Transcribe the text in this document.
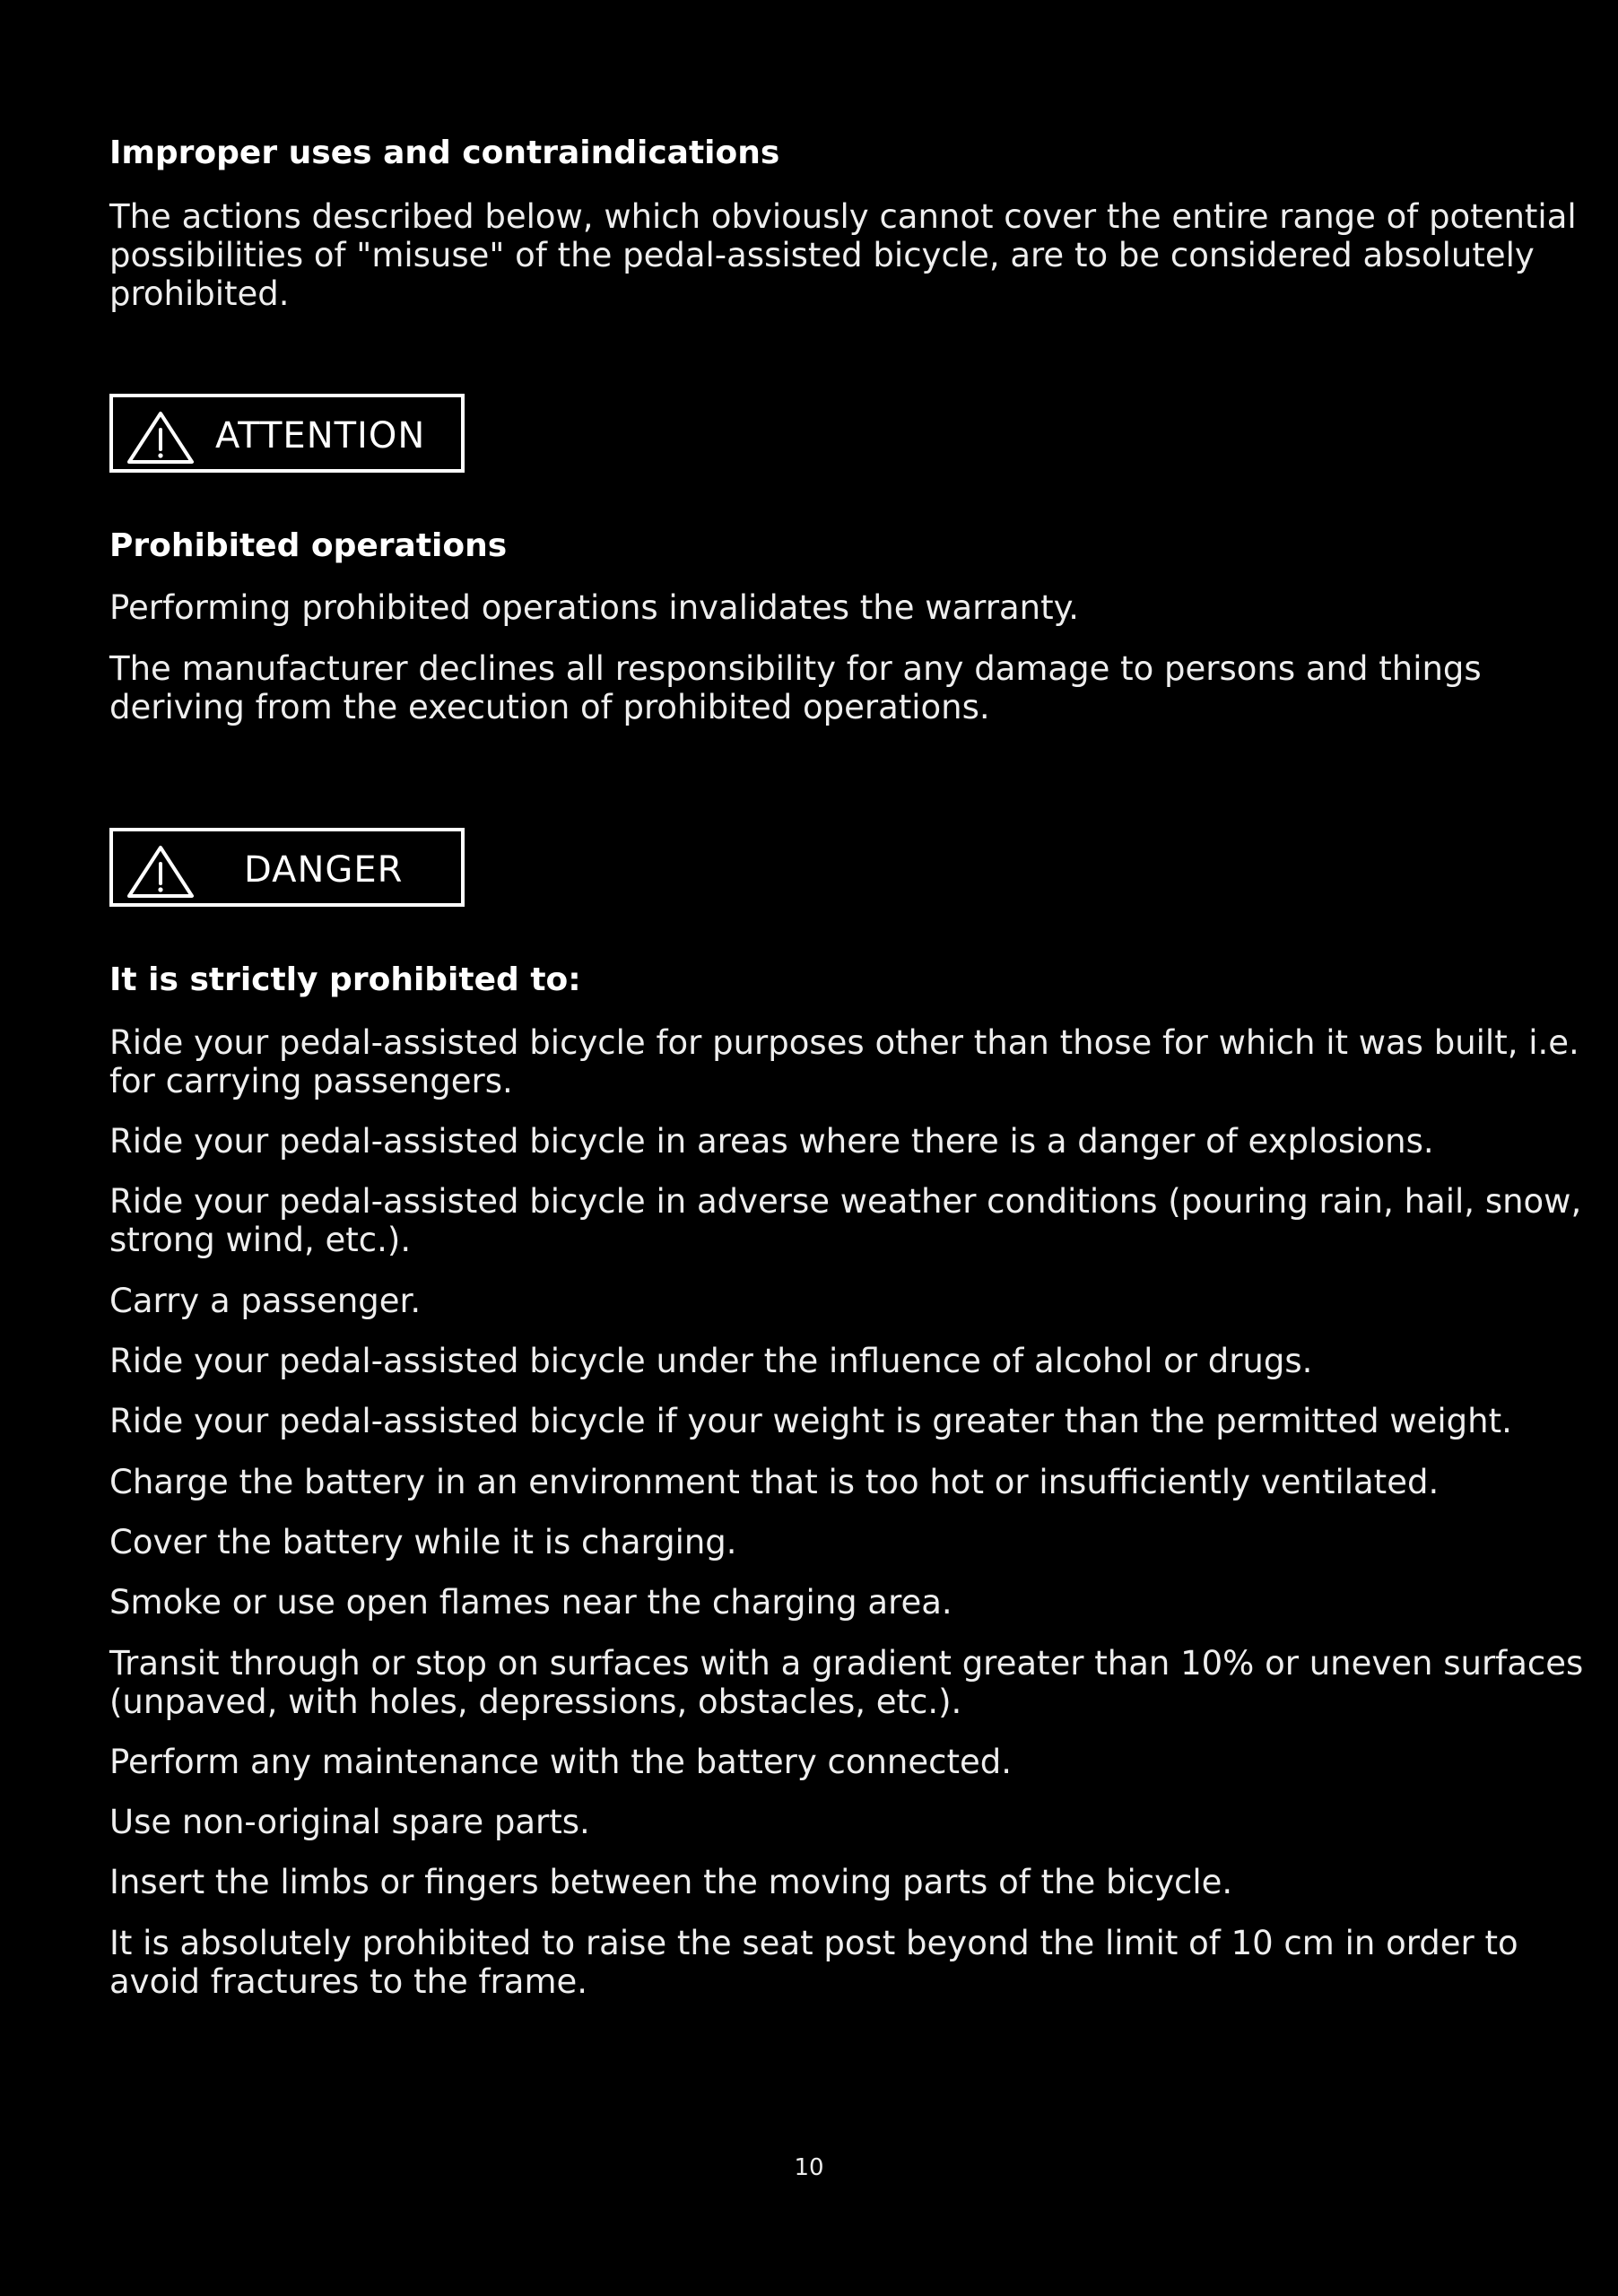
Improper uses and contraindications
The actions described below, which obviously cannot cover the entire range of potential
possibilities of "misuse" of the pedal-assisted bicycle, are to be considered absolutely
prohibited.
ATTENTION
Prohibited operations
Performing prohibited operations invalidates the warranty.
The manufacturer declines all responsibility for any damage to persons and things
deriving from the execution of prohibited operations.
DANGER
It is strictly prohibited to:
Ride your pedal-assisted bicycle for purposes other than those for which it was built, i.e.
for carrying passengers.
Ride your pedal-assisted bicycle in areas where there is a danger of explosions.
Ride your pedal-assisted bicycle in adverse weather conditions (pouring rain, hail, snow,
strong wind, etc.).
Carry a passenger.
Ride your pedal-assisted bicycle under the influence of alcohol or drugs.
Ride your pedal-assisted bicycle if your weight is greater than the permitted weight.
Charge the battery in an environment that is too hot or insufficiently ventilated.
Cover the battery while it is charging.
Smoke or use open flames near the charging area.
Transit through or stop on surfaces with a gradient greater than 10% or uneven surfaces
(unpaved, with holes, depressions, obstacles, etc.).
Perform any maintenance with the battery connected.
Use non-original spare parts.
Insert the limbs or fingers between the moving parts of the bicycle.
It is absolutely prohibited to raise the seat post beyond the limit of 10 cm in order to
avoid fractures to the frame.
10
